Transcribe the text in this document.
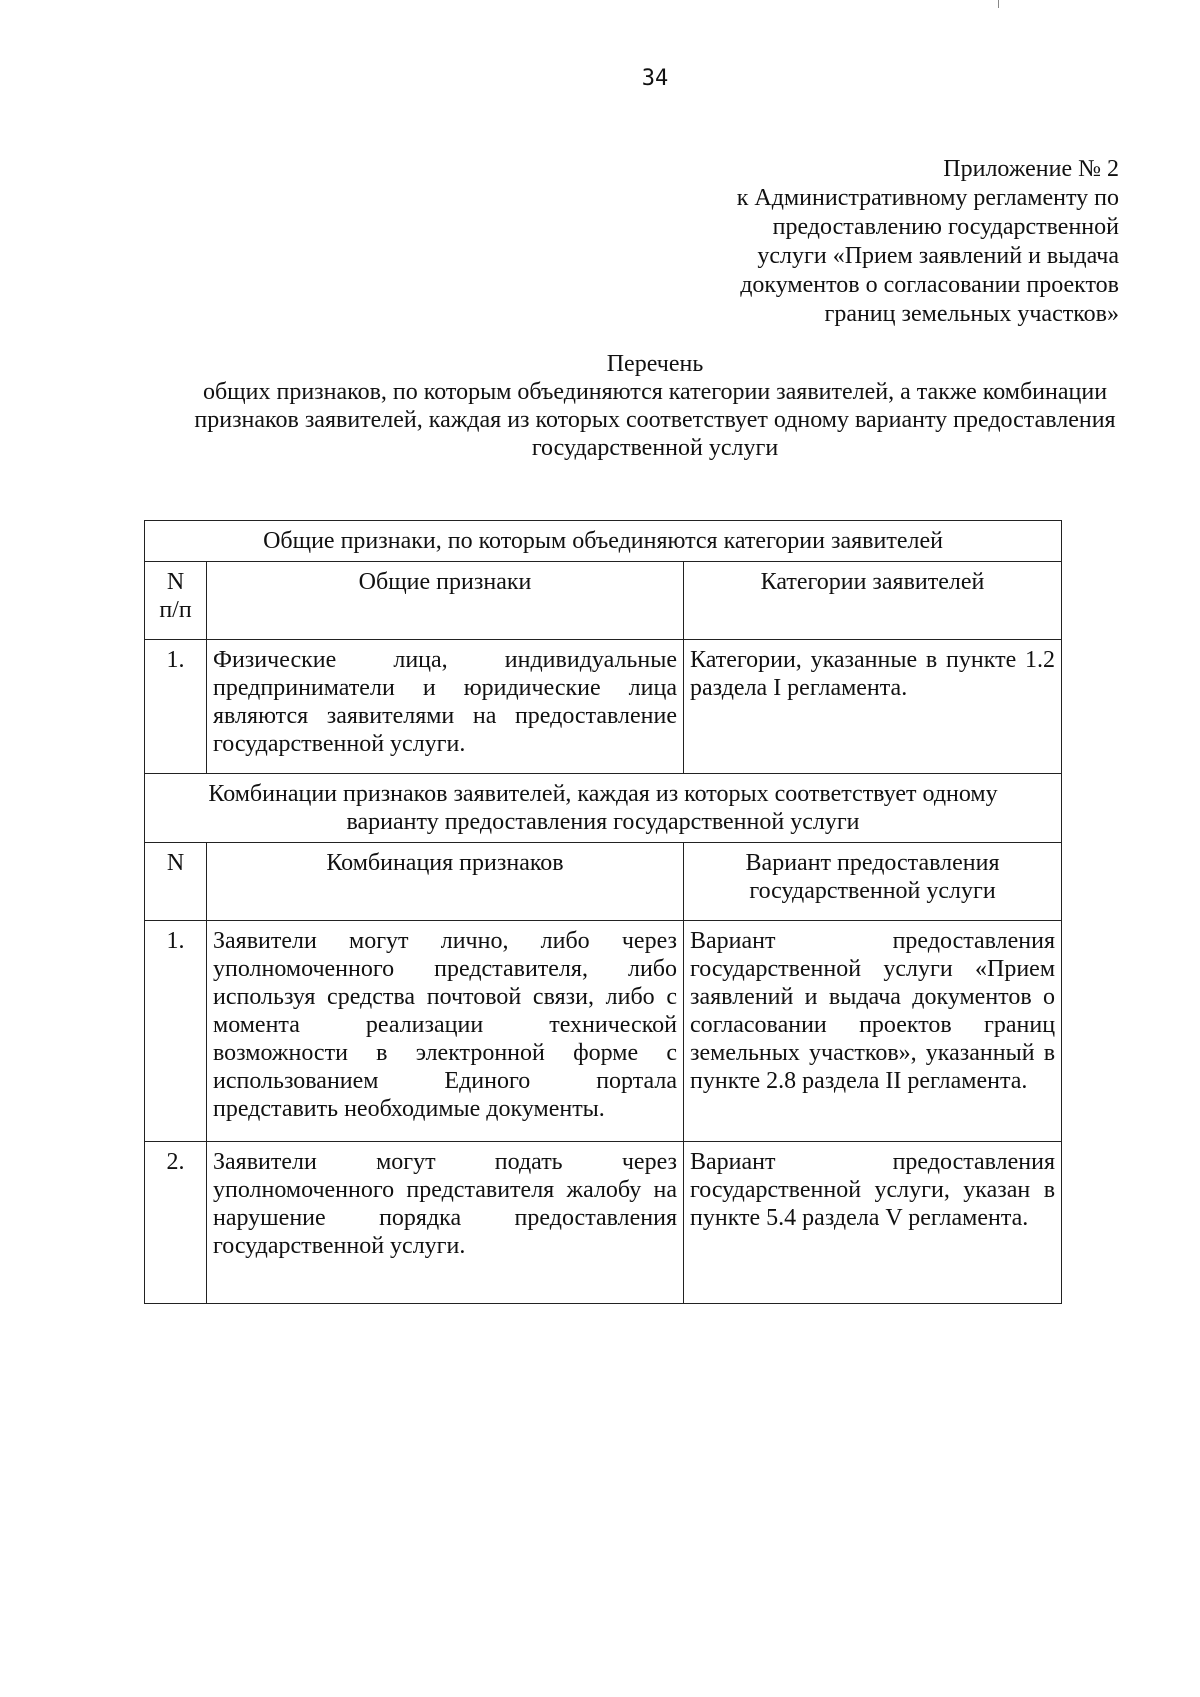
34
Приложение № 2
к Административному регламенту по
предоставлению государственной
услуги «Прием заявлений и выдача
документов о согласовании проектов
границ земельных участков»
Перечень
общих признаков, по которым объединяются категории заявителей, а также комбинации
признаков заявителей, каждая из которых соответствует одному варианту предоставления
государственной услуги
Общие признаки, по которым объединяются категории заявителей		

N
п/п	Общие признаки	Категории заявителей
1.	Физические лица, индивидуальные предприниматели и юридические лица являются заявителями на предоставление государственной услуги.	Категории, указанные в пункте 1.2 раздела I регламента.
Комбинации признаков заявителей, каждая из которых соответствует одному варианту предоставления государственной услуги		
N	Комбинация признаков	Вариант предоставления государственной услуги
1.	Заявители могут лично, либо через уполномоченного представителя, либо используя средства почтовой связи, либо с момента реализации технической возможности в электронной форме с использованием Единого портала представить необходимые документы.	Вариант предоставления государственной услуги «Прием заявлений и выдача документов о согласовании проектов границ земельных участков», указанный в пункте 2.8 раздела II регламента.
2.	Заявители могут подать через уполномоченного представителя жалобу на нарушение порядка предоставления государственной услуги.	Вариант предоставления государственной услуги, указан в пункте 5.4 раздела V регламента.
